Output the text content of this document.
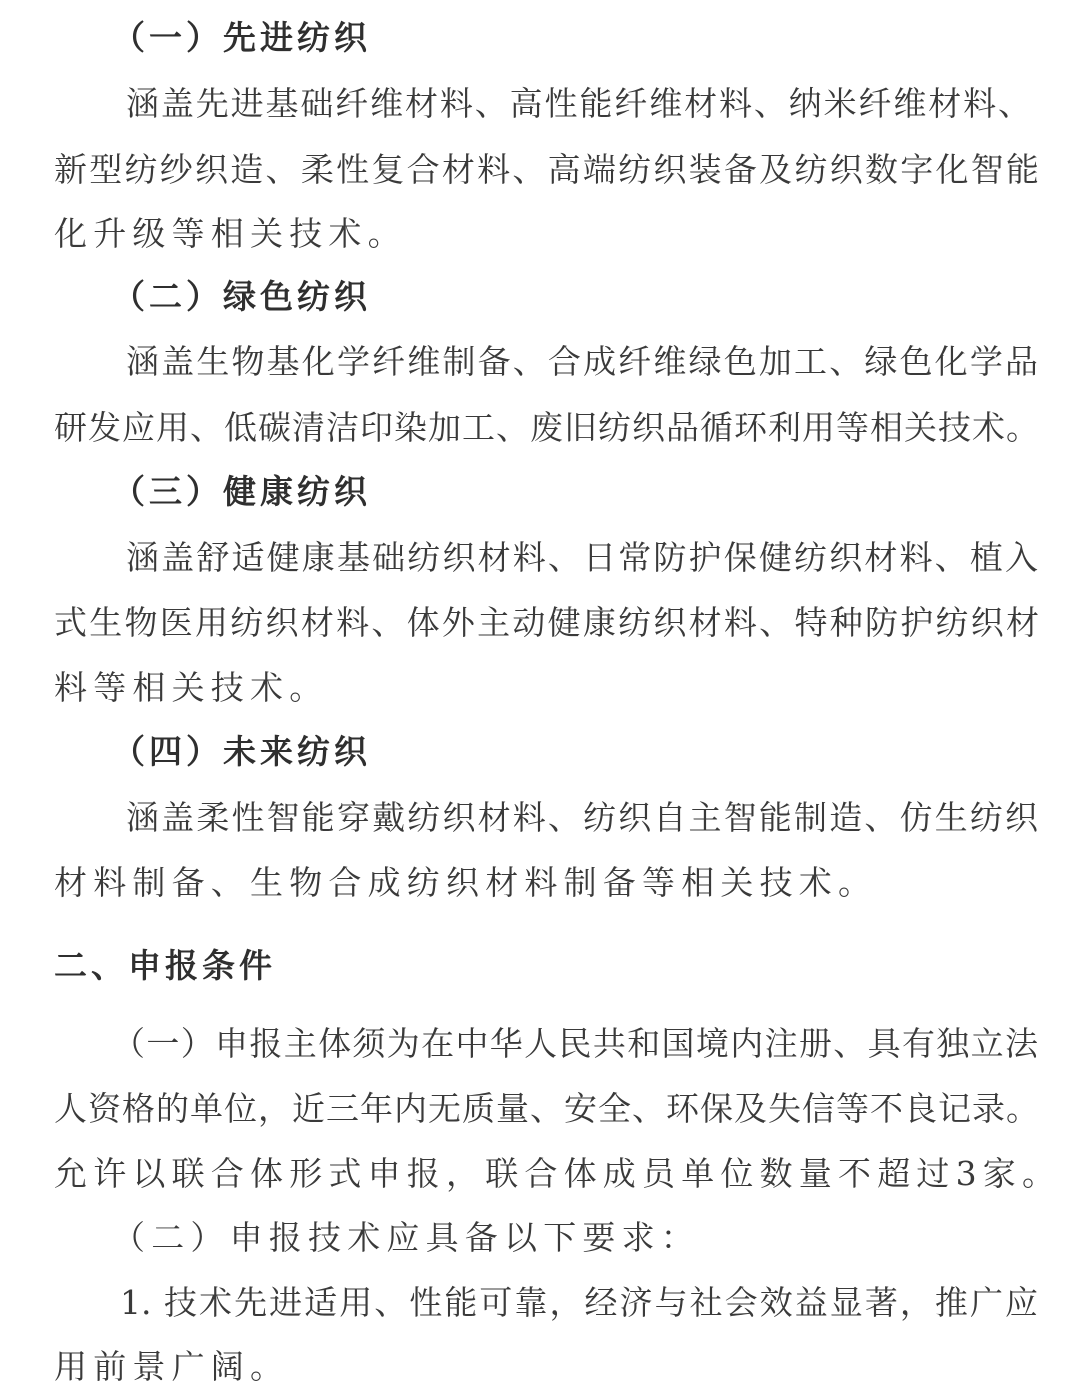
（一）先进纺织
涵盖先进基础纤维材料、高性能纤维材料、纳米纤维材料、
新型纺纱织造、柔性复合材料、高端纺织装备及纺织数字化智能
化升级等相关技术。
（二）绿色纺织
涵盖生物基化学纤维制备、合成纤维绿色加工、绿色化学品
研发应用、低碳清洁印染加工、废旧纺织品循环利用等相关技术。
（三）健康纺织
涵盖舒适健康基础纺织材料、日常防护保健纺织材料、植入
式生物医用纺织材料、体外主动健康纺织材料、特种防护纺织材
料等相关技术。
（四）未来纺织
涵盖柔性智能穿戴纺织材料、纺织自主智能制造、仿生纺织
材料制备、生物合成纺织材料制备等相关技术。
二、申报条件
（一）申报主体须为在中华人民共和国境内注册、具有独立法
人资格的单位，近三年内无质量、安全、环保及失信等不良记录。
允许以联合体形式申报，联合体成员单位数量不超过3家。
（二）申报技术应具备以下要求：
1. 技术先进适用、性能可靠，经济与社会效益显著，推广应
用前景广阔。
